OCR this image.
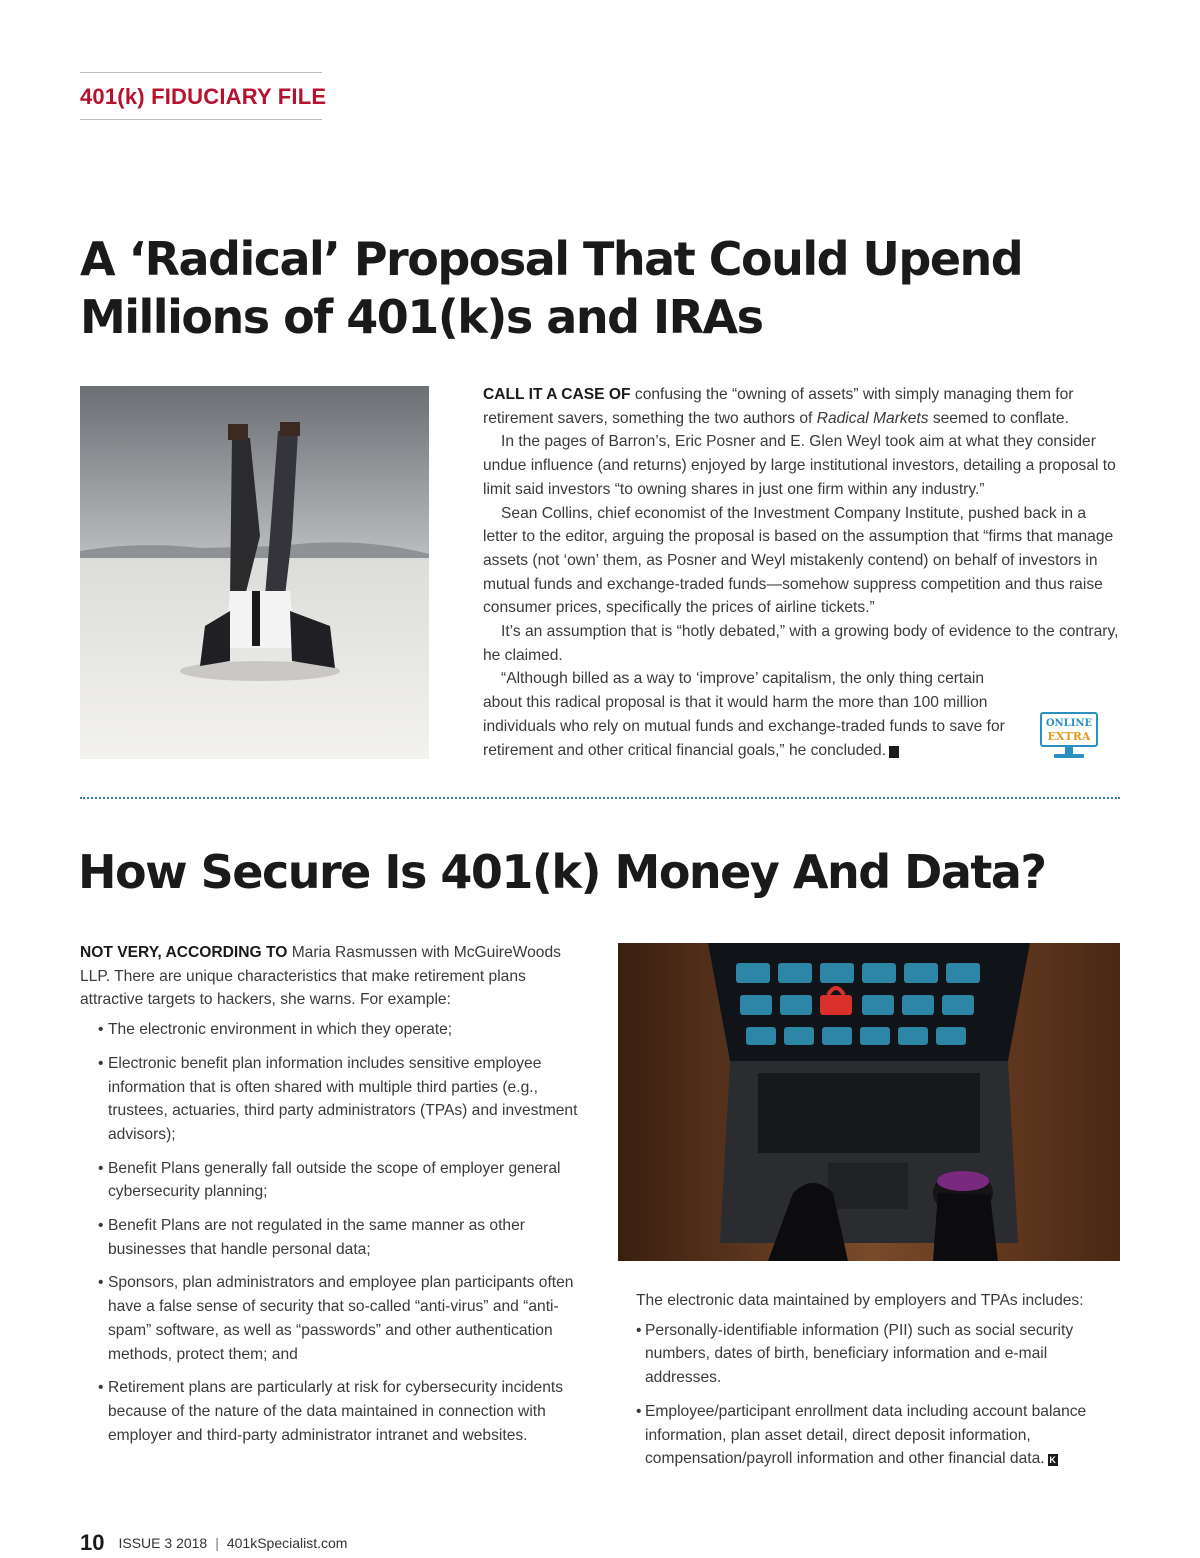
401(k) FIDUCIARY FILE
A ‘Radical’ Proposal That Could Upend Millions of 401(k)s and IRAs

CALL IT A CASE OF confusing the “owning of assets” with simply managing them for retirement savers, something the two authors of Radical Markets seemed to conflate.

In the pages of Barron’s, Eric Posner and E. Glen Weyl took aim at what they consider undue influence (and returns) enjoyed by large institutional investors, detailing a proposal to limit said investors “to owning shares in just one firm within any industry.”

Sean Collins, chief economist of the Investment Company Institute, pushed back in a letter to the editor, arguing the proposal is based on the assumption that “firms that manage assets (not ‘own’ them, as Posner and Weyl mistakenly contend) on behalf of investors in mutual funds and exchange-traded funds—somehow suppress competition and thus raise consumer prices, specifically the prices of airline tickets.”

It’s an assumption that is “hotly debated,” with a growing body of evidence to the contrary, he claimed.

“Although billed as a way to ‘improve’ capitalism, the only thing certain about this radical proposal is that it would harm the more than 100 million individuals who rely on mutual funds and exchange-traded funds to save for retirement and other critical financial goals,” he concluded. K

ONLINE
EXTRA
How Secure Is 401(k) Money And Data?

NOT VERY, ACCORDING TO Maria Rasmussen with McGuireWoods LLP. There are unique characteristics that make retirement plans attractive targets to hackers, she warns. For example:

• The electronic environment in which they operate;
• Electronic benefit plan information includes sensitive employee information that is often shared with multiple third parties (e.g., trustees, actuaries, third party administrators (TPAs) and investment advisors);
• Benefit Plans generally fall outside the scope of employer general cybersecurity planning;
• Benefit Plans are not regulated in the same manner as other businesses that handle personal data;
• Sponsors, plan administrators and employee plan participants often have a false sense of security that so-called “anti-virus” and “anti-spam” software, as well as “passwords” and other authentication methods, protect them; and
• Retirement plans are particularly at risk for cybersecurity incidents because of the nature of the data maintained in connection with employer and third-party administrator intranet and websites.

The electronic data maintained by employers and TPAs includes:

• Personally-identifiable information (PII) such as social security numbers, dates of birth, beneficiary information and e-mail addresses.
• Employee/participant enrollment data including account balance information, plan asset detail, direct deposit information, compensation/payroll information and other financial data. K
10 ISSUE 3 2018 | 401kSpecialist.com
